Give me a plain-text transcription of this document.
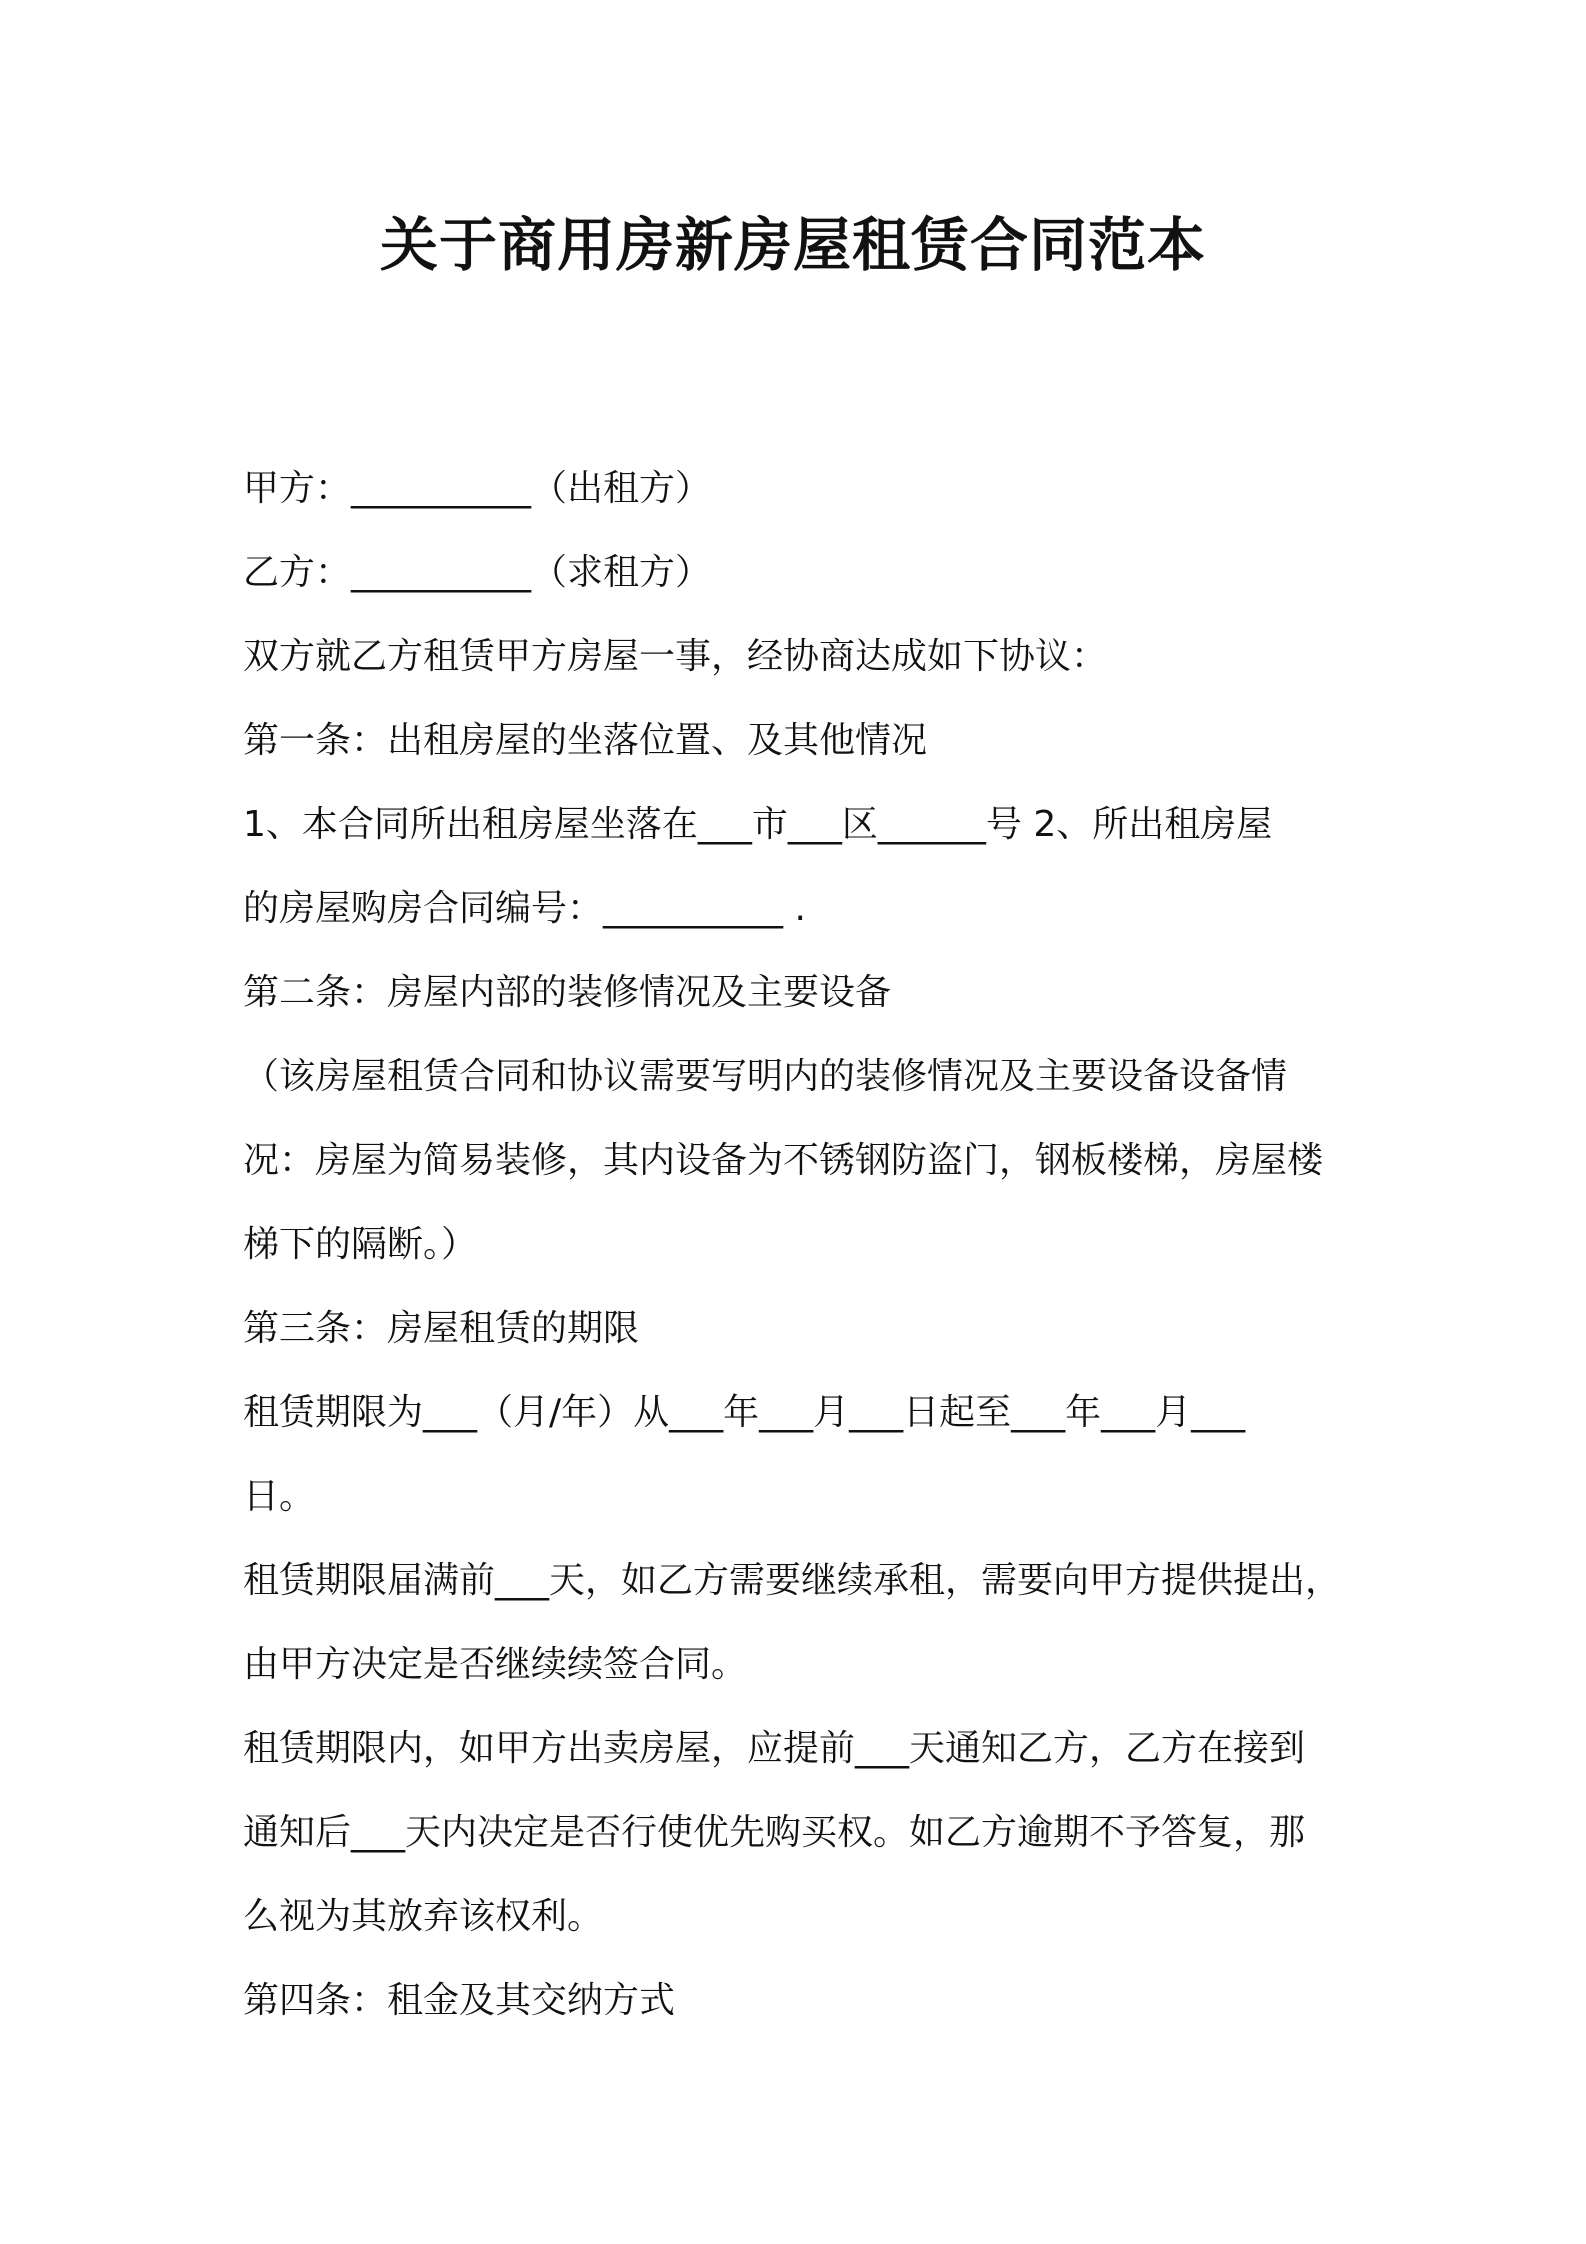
关于商用房新房屋租赁合同范本

甲方：__________（出租方）

乙方：__________（求租方）

双方就乙方租赁甲方房屋一事，经协商达成如下协议：

第一条：出租房屋的坐落位置、及其他情况

1、本合同所出租房屋坐落在___市___区______号 2、所出租房屋

的房屋购房合同编号：__________ .

第二条：房屋内部的装修情况及主要设备

（该房屋租赁合同和协议需要写明内的装修情况及主要设备设备情

况：房屋为简易装修，其内设备为不锈钢防盗门，钢板楼梯，房屋楼

梯下的隔断。）

第三条：房屋租赁的期限

租赁期限为___（月/年）从___年___月___日起至___年___月___

日。

租赁期限届满前___天，如乙方需要继续承租，需要向甲方提供提出，

由甲方决定是否继续续签合同。

租赁期限内，如甲方出卖房屋，应提前___天通知乙方，乙方在接到

通知后___天内决定是否行使优先购买权。如乙方逾期不予答复，那

么视为其放弃该权利。

第四条：租金及其交纳方式
